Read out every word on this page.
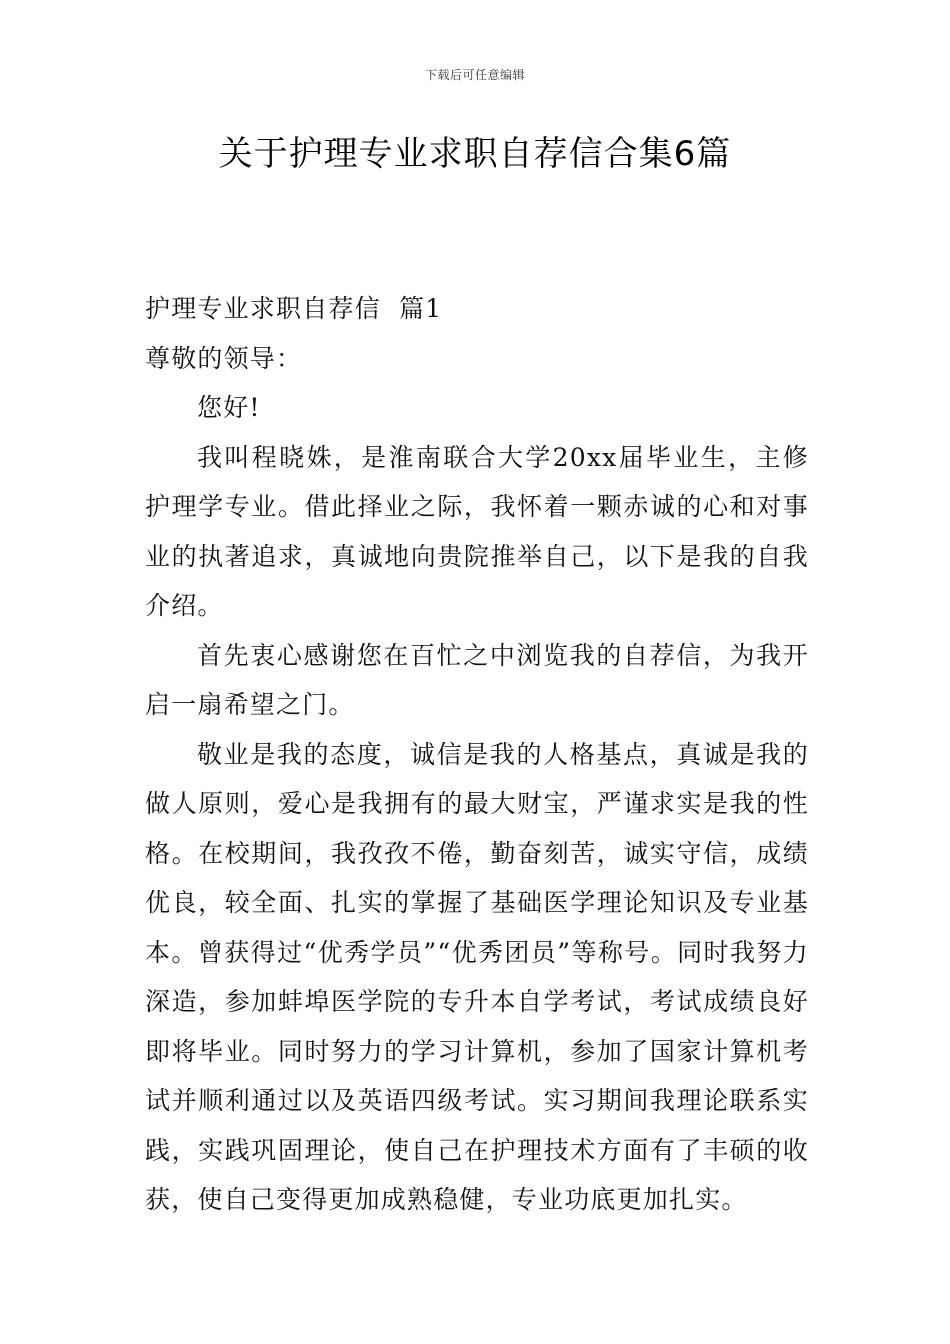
下载后可任意编辑
关于护理专业求职自荐信合集6篇

护理专业求职自荐信  篇1

尊敬的领导：

您好!

我叫程晓姝，是淮南联合大学20xx届毕业生，主修护理学专业。借此择业之际，我怀着一颗赤诚的心和对事业的执著追求，真诚地向贵院推举自己，以下是我的自我介绍。

首先衷心感谢您在百忙之中浏览我的自荐信，为我开启一扇希望之门。

敬业是我的态度，诚信是我的人格基点，真诚是我的做人原则，爱心是我拥有的最大财宝，严谨求实是我的性格。在校期间，我孜孜不倦，勤奋刻苦，诚实守信，成绩优良，较全面、扎实的掌握了基础医学理论知识及专业基本。曾获得过“优秀学员”“优秀团员”等称号。同时我努力深造，参加蚌埠医学院的专升本自学考试，考试成绩良好即将毕业。同时努力的学习计算机，参加了国家计算机考试并顺利通过以及英语四级考试。实习期间我理论联系实践，实践巩固理论，使自己在护理技术方面有了丰硕的收获，使自己变得更加成熟稳健，专业功底更加扎实。
